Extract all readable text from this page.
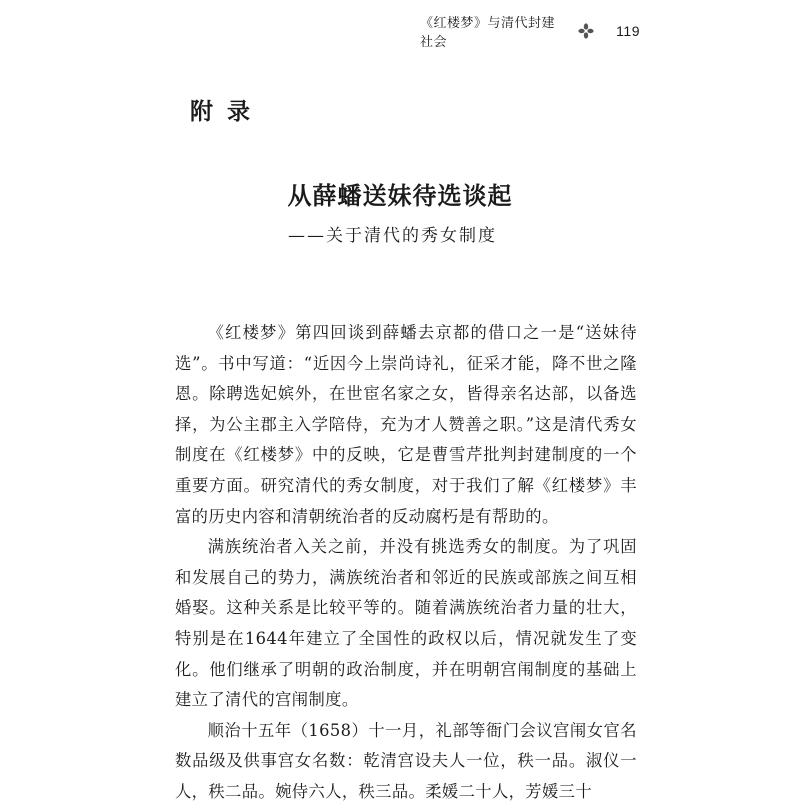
《红楼梦》与清代封建社会
119
附录
从薛蟠送妹待选谈起
——关于清代的秀女制度

《红楼梦》第四回谈到薛蟠去京都的借口之一是“送妹待选”。书中写道：“近因今上崇尚诗礼，征采才能，降不世之隆恩。除聘选妃嫔外，在世宦名家之女，皆得亲名达部，以备选择，为公主郡主入学陪侍，充为才人赞善之职。”这是清代秀女制度在《红楼梦》中的反映，它是曹雪芹批判封建制度的一个重要方面。研究清代的秀女制度，对于我们了解《红楼梦》丰富的历史内容和清朝统治者的反动腐朽是有帮助的。

满族统治者入关之前，并没有挑选秀女的制度。为了巩固和发展自己的势力，满族统治者和邻近的民族或部族之间互相婚娶。这种关系是比较平等的。随着满族统治者力量的壮大，特别是在1644年建立了全国性的政权以后，情况就发生了变化。他们继承了明朝的政治制度，并在明朝宫闱制度的基础上建立了清代的宫闱制度。

顺治十五年（1658）十一月，礼部等衙门会议宫闱女官名数品级及供事宫女名数：乾清宫设夫人一位，秩一品。淑仪一人，秩二品。婉侍六人，秩三品。柔媛二十人，芳媛三十
